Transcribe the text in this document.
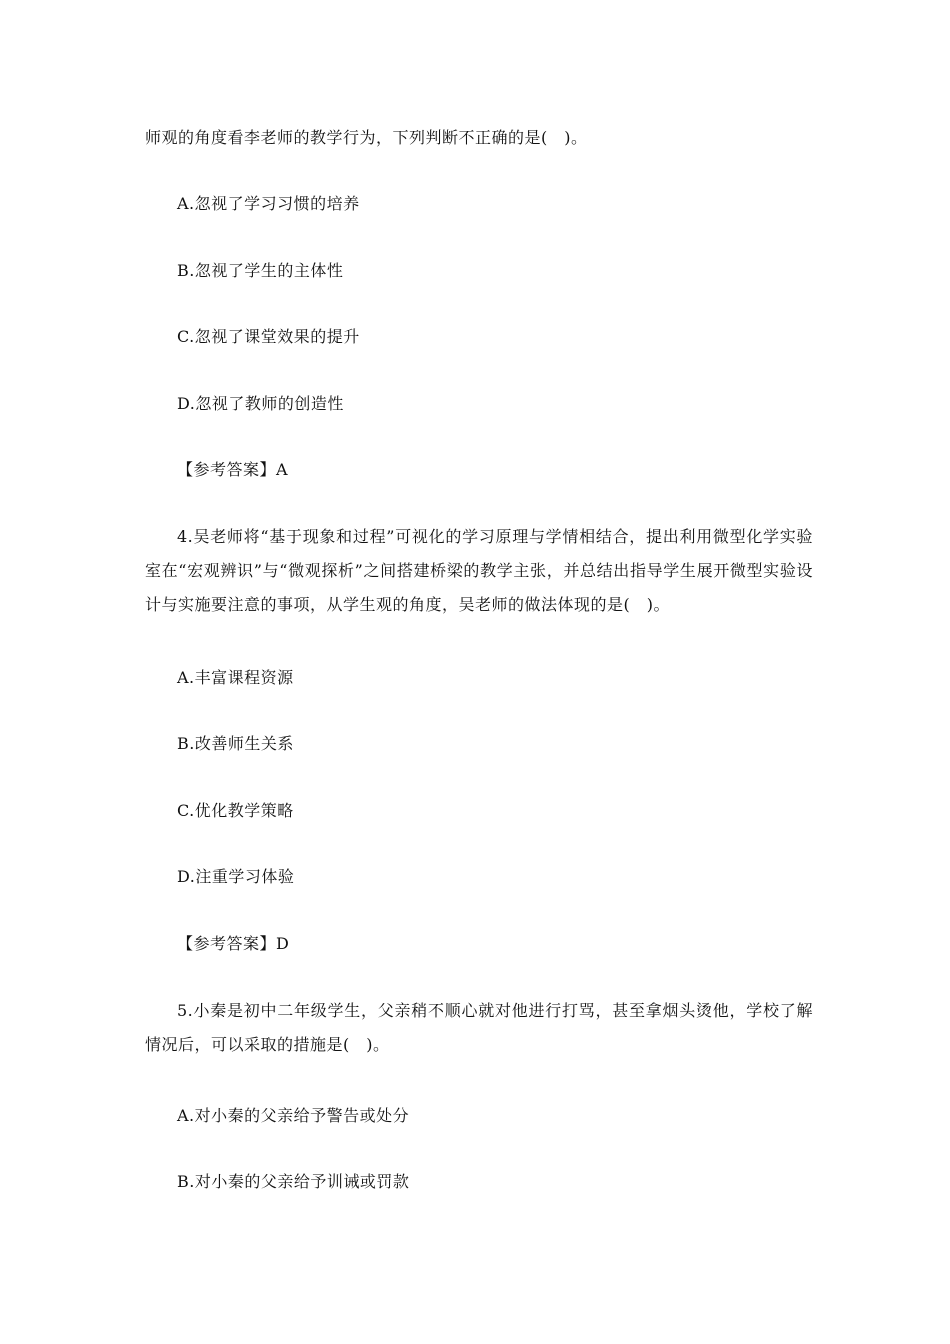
师观的角度看李老师的教学行为，下列判断不正确的是(　)。
A.忽视了学习习惯的培养
B.忽视了学生的主体性
C.忽视了课堂效果的提升
D.忽视了教师的创造性
【参考答案】A
4.吴老师将“基于现象和过程”可视化的学习原理与学情相结合，提出利用微型化学实验室在“宏观辨识”与“微观探析”之间搭建桥梁的教学主张，并总结出指导学生展开微型实验设计与实施要注意的事项，从学生观的角度，吴老师的做法体现的是(　)。
A.丰富课程资源
B.改善师生关系
C.优化教学策略
D.注重学习体验
【参考答案】D
5.小秦是初中二年级学生，父亲稍不顺心就对他进行打骂，甚至拿烟头烫他，学校了解情况后，可以采取的措施是(　)。
A.对小秦的父亲给予警告或处分
B.对小秦的父亲给予训诫或罚款
